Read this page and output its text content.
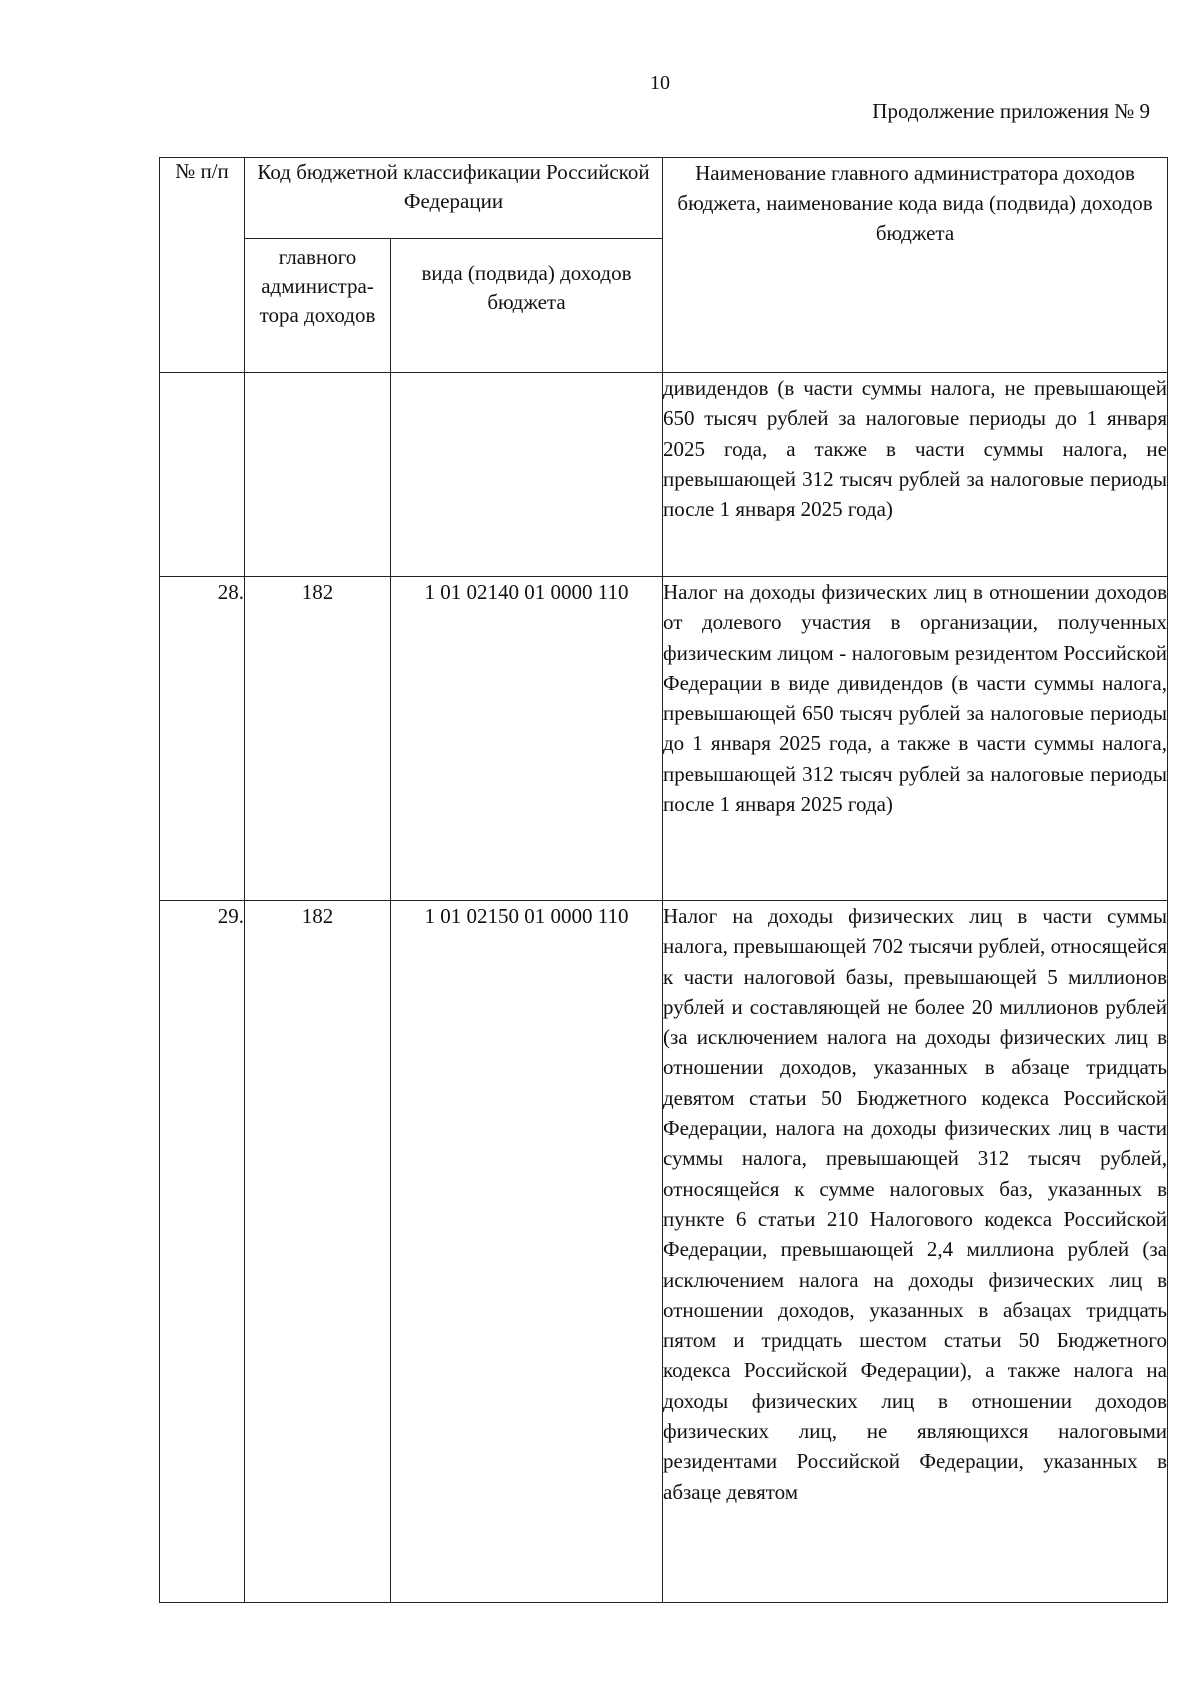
10
Продолжение приложения № 9
№ п/п	Код бюджетной классификации Российской Федерации		Наименование главного администратора доходов бюджета, наименование кода вида (подвида) доходов бюджета
	главного администра-тора доходов	вида (подвида) доходов бюджета	
			дивидендов (в части суммы налога, не превышающей 650 тысяч рублей за налоговые периоды до 1 января 2025 года, а также в части суммы налога, не превышающей 312 тысяч рублей за налоговые периоды после 1 января 2025 года)
28.	182	1 01 02140 01 0000 110	Налог на доходы физических лиц в отношении доходов от долевого участия в организации, полученных физическим лицом - налоговым резидентом Российской Федерации в виде дивидендов (в части суммы налога, превышающей 650 тысяч рублей за налоговые периоды до 1 января 2025 года, а также в части суммы налога, превышающей 312 тысяч рублей за налоговые периоды после 1 января 2025 года)
29.	182	1 01 02150 01 0000 110	Налог на доходы физических лиц в части суммы налога, превышающей 702 тысячи рублей, относящейся к части налоговой базы, превышающей 5 миллионов рублей и составляющей не более 20 миллионов рублей (за исключением налога на доходы физических лиц в отношении доходов, указанных в абзаце тридцать девятом статьи 50 Бюджетного кодекса Российской Федерации, налога на доходы физических лиц в части суммы налога, превышающей 312 тысяч рублей, относящейся к сумме налоговых баз, указанных в пункте 6 статьи 210 Налогового кодекса Российской Федерации, превышающей 2,4 миллиона рублей (за исключением налога на доходы физических лиц в отношении доходов, указанных в абзацах тридцать пятом и тридцать шестом статьи 50 Бюджетного кодекса Российской Федерации), а также налога на доходы физических лиц в отношении доходов физических лиц, не являющихся налоговыми резидентами Российской Федерации, указанных в абзаце девятом
